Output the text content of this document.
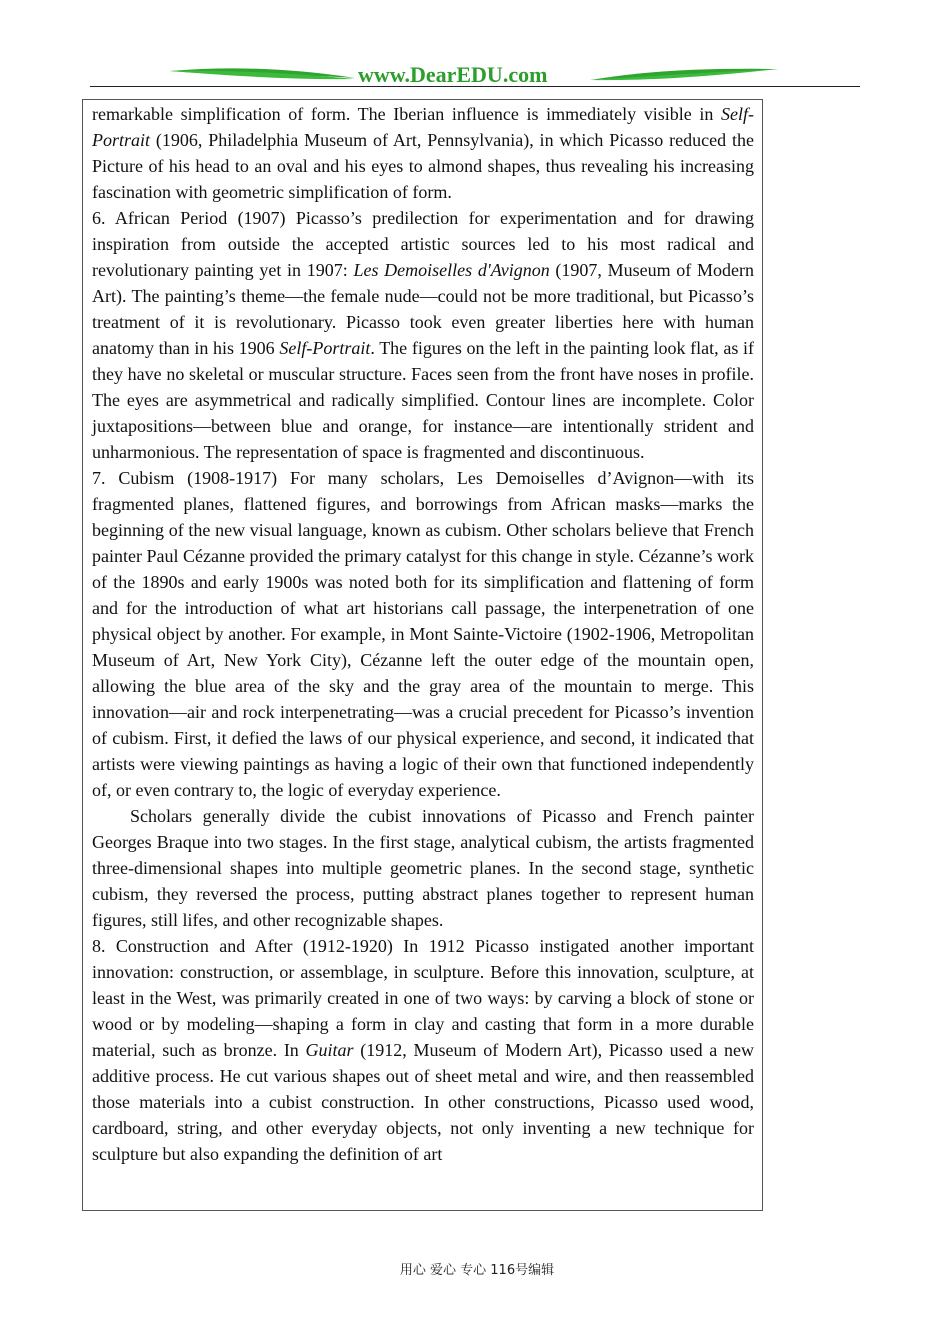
www.DearEDU.com

remarkable simplification of form. The Iberian influence is immediately visible in Self-Portrait (1906, Philadelphia Museum of Art, Pennsylvania), in which Picasso reduced the Picture of his head to an oval and his eyes to almond shapes, thus revealing his increasing fascination with geometric simplification of form.

6. African Period (1907) Picasso’s predilection for experimentation and for drawing inspiration from outside the accepted artistic sources led to his most radical and revolutionary painting yet in 1907: Les Demoiselles d'Avignon (1907, Museum of Modern Art). The painting’s theme—the female nude—could not be more traditional, but Picasso’s treatment of it is revolutionary. Picasso took even greater liberties here with human anatomy than in his 1906 Self-Portrait. The figures on the left in the painting look flat, as if they have no skeletal or muscular structure. Faces seen from the front have noses in profile. The eyes are asymmetrical and radically simplified. Contour lines are incomplete. Color juxtapositions—between blue and orange, for instance—are intentionally strident and unharmonious. The representation of space is fragmented and discontinuous.

7. Cubism (1908-1917) For many scholars, Les Demoiselles d’Avignon—with its fragmented planes, flattened figures, and borrowings from African masks—marks the beginning of the new visual language, known as cubism. Other scholars believe that French painter Paul Cézanne provided the primary catalyst for this change in style. Cézanne’s work of the 1890s and early 1900s was noted both for its simplification and flattening of form and for the introduction of what art historians call passage, the interpenetration of one physical object by another. For example, in Mont Sainte-Victoire (1902-1906, Metropolitan Museum of Art, New York City), Cézanne left the outer edge of the mountain open, allowing the blue area of the sky and the gray area of the mountain to merge. This innovation—air and rock interpenetrating—was a crucial precedent for Picasso’s invention of cubism. First, it defied the laws of our physical experience, and second, it indicated that artists were viewing paintings as having a logic of their own that functioned independently of, or even contrary to, the logic of everyday experience.

Scholars generally divide the cubist innovations of Picasso and French painter Georges Braque into two stages. In the first stage, analytical cubism, the artists fragmented three-dimensional shapes into multiple geometric planes. In the second stage, synthetic cubism, they reversed the process, putting abstract planes together to represent human figures, still lifes, and other recognizable shapes.

8. Construction and After (1912-1920) In 1912 Picasso instigated another important innovation: construction, or assemblage, in sculpture. Before this innovation, sculpture, at least in the West, was primarily created in one of two ways: by carving a block of stone or wood or by modeling—shaping a form in clay and casting that form in a more durable material, such as bronze. In Guitar (1912, Museum of Modern Art), Picasso used a new additive process. He cut various shapes out of sheet metal and wire, and then reassembled those materials into a cubist construction. In other constructions, Picasso used wood, cardboard, string, and other everyday objects, not only inventing a new technique for sculpture but also expanding the definition of art

用心 爱心 专心 116号编辑
